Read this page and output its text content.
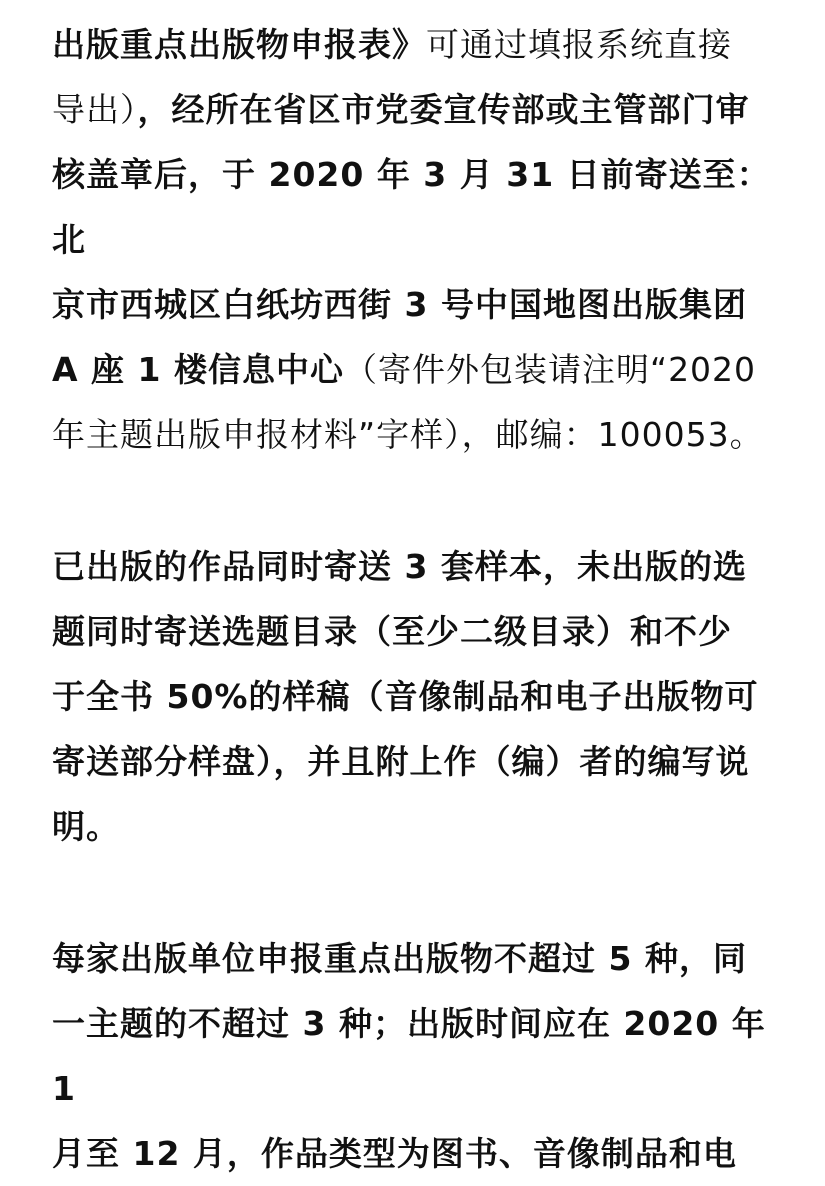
出版重点出版物申报表》可通过填报系统直接
导出），经所在省区市党委宣传部或主管部门审
核盖章后，于 2020 年 3 月 31 日前寄送至：北
京市西城区白纸坊西街 3 号中国地图出版集团
A 座 1 楼信息中心（寄件外包装请注明“2020
年主题出版申报材料”字样），邮编：100053。

已出版的作品同时寄送 3 套样本，未出版的选
题同时寄送选题目录（至少二级目录）和不少
于全书 50%的样稿（音像制品和电子出版物可
寄送部分样盘），并且附上作（编）者的编写说
明。

每家出版单位申报重点出版物不超过 5 种，同
一主题的不超过 3 种；出版时间应在 2020 年 1
月至 12 月，作品类型为图书、音像制品和电
